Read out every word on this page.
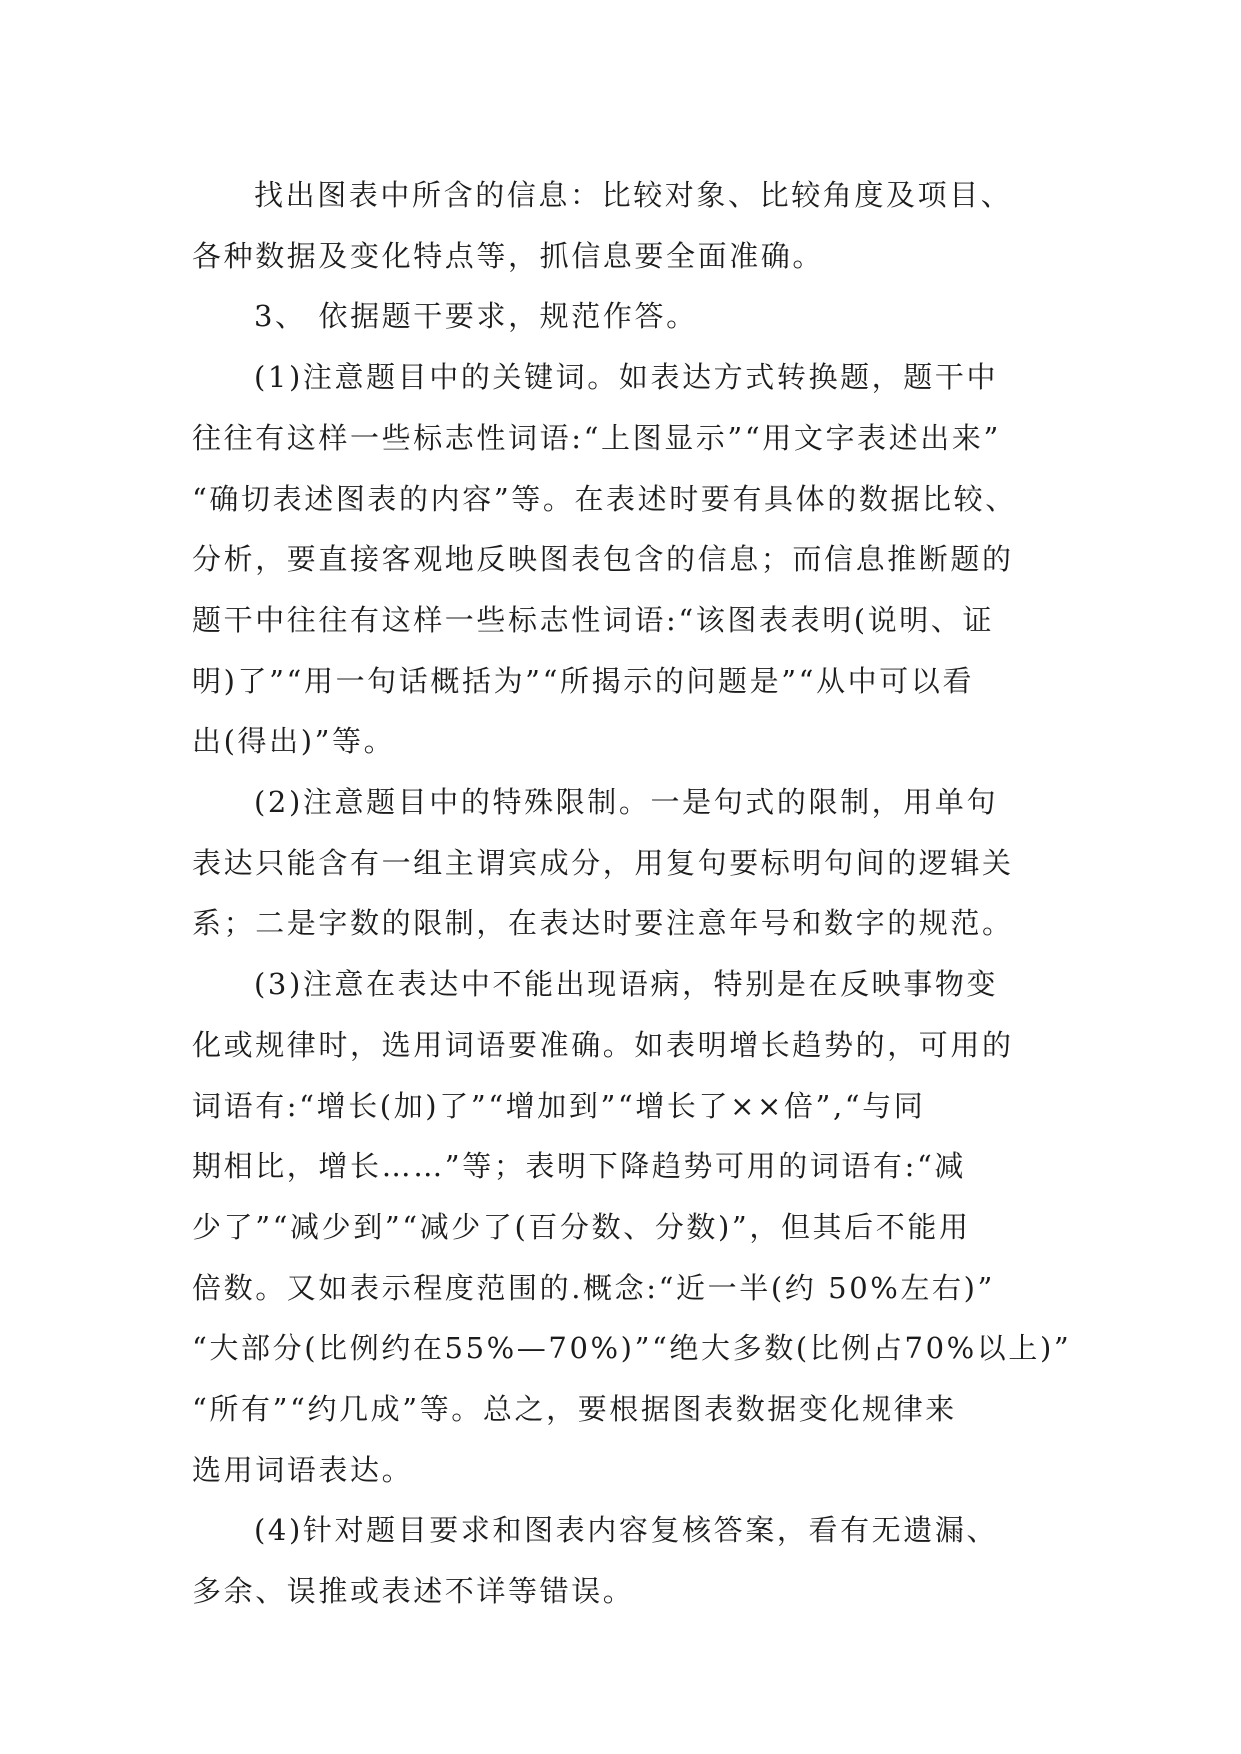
找出图表中所含的信息：比较对象、比较角度及项目、
各种数据及变化特点等，抓信息要全面准确。

3、 依据题干要求，规范作答。

(1)注意题目中的关键词。如表达方式转换题，题干中
往往有这样一些标志性词语:“上图显示”“用文字表述出来”
“确切表述图表的内容”等。在表述时要有具体的数据比较、
分析，要直接客观地反映图表包含的信息；而信息推断题的
题干中往往有这样一些标志性词语:“该图表表明(说明、证
明)了”“用一句话概括为”“所揭示的问题是”“从中可以看
出(得出)”等。

(2)注意题目中的特殊限制。一是句式的限制，用单句
表达只能含有一组主谓宾成分，用复句要标明句间的逻辑关
系；二是字数的限制，在表达时要注意年号和数字的规范。

(3)注意在表达中不能出现语病，特别是在反映事物变
化或规律时，选用词语要准确。如表明增长趋势的，可用的
词语有:“增长(加)了”“增加到”“增长了××倍”,“与同
期相比，增长……”等；表明下降趋势可用的词语有:“减
少了”“减少到”“减少了(百分数、分数)”，但其后不能用
倍数。又如表示程度范围的.概念:“近一半(约 50%左右)”
“大部分(比例约在55%—70%)”“绝大多数(比例占70%以上)”
“所有”“约几成”等。总之，要根据图表数据变化规律来
选用词语表达。

(4)针对题目要求和图表内容复核答案，看有无遗漏、
多余、误推或表述不详等错误。
